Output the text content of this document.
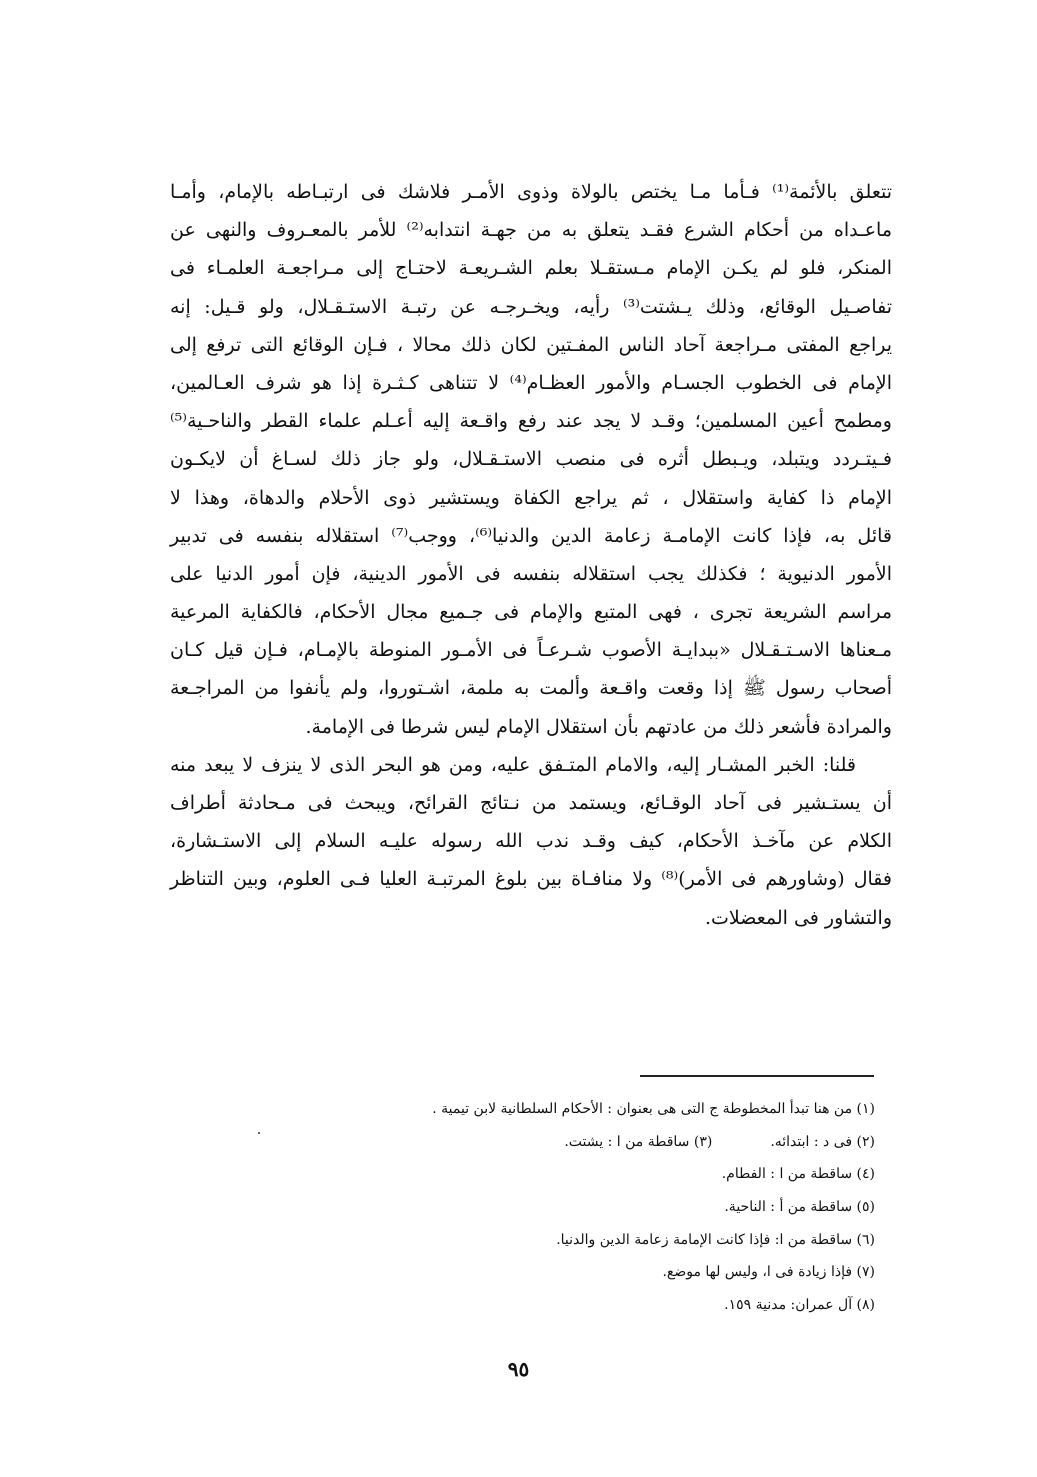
تتعلق بالأئمة⁽¹⁾ فـأما مـا يختص بالولاة وذوى الأمـر فلاشك فى ارتبـاطه بالإمام، وأمـا
ماعـداه من أحكام الشرع فقـد يتعلق به من جهـة انتدابه⁽²⁾ للأمر بالمعـروف والنهى عن
المنكر، فلو لم يكـن الإمام مـستقـلا بعلم الشـريعـة لاحتـاج إلى مـراجعـة العلمـاء فى
تفاصـيل الوقائع، وذلك يـشتت⁽³⁾ رأيه، ويخـرجـه عن رتبـة الاستـقـلال، ولو قـيل: إنه
يراجع المفتى مـراجعة آحاد الناس المفـتين لكان ذلك محالا ، فـإن الوقائع التى ترفع إلى
الإمام فى الخطوب الجسـام والأمور العظـام⁽⁴⁾ لا تتناهى كـثـرة إذا هو شرف العـالمين،
ومطمح أعين المسلمين؛ وقـد لا يجد عند رفع واقـعة إليه أعـلم علماء القطر والناحـية⁽⁵⁾
فـيتـردد ويتبلد، ويـبطل أثره فى منصب الاستـقـلال، ولو جاز ذلك لسـاغ أن لايكـون
الإمام ذا كفاية واستقلال ، ثم يراجع الكفاة ويستشير ذوى الأحلام والدهاة، وهذا لا
قائل به، فإذا كانت الإمامـة زعامة الدين والدنيا⁽⁶⁾، ووجب⁽⁷⁾ استقلاله بنفسه فى تدبير
الأمور الدنيوية ؛ فكذلك يجب استقلاله بنفسه فى الأمور الدينية، فإن أمور الدنيا على
مراسم الشريعة تجرى ، فهى المتبع والإمام فى جـميع مجال الأحكام، فالكفاية المرعية
مـعناها الاسـتـقـلال «ببدايـة الأصوب شـرعـاً فى الأمـور المنوطة بالإمـام، فـإن قيل كـان
أصحاب رسول ﷺ إذا وقعت واقـعة وألمت به ملمة، اشـتوروا، ولم يأنفوا من المراجـعة
والمرادة فأشعر ذلك من عادتهم بأن استقلال الإمام ليس شرطا فى الإمامة.
قلنا: الخبر المشـار إليه، والامام المتـفق عليه، ومن هو البحر الذى لا ينزف لا يبعد منه
أن يستـشير فى آحاد الوقـائع، ويستمد من نـتائج القرائح، ويبحث فى مـحادثة أطراف
الكلام عن مآخـذ الأحكام، كيف وقـد ندب الله رسوله عليـه السلام إلى الاستـشارة،
فقال (وشاورهم فى الأمر)⁽⁸⁾ ولا منافـاة بين بلوغ المرتبـة العليا فـى العلوم، وبين التناظر
والتشاور فى المعضلات.
(١) من هنا تبدأ المخطوطة ج التى هى بعنوان : الأحكام السلطانية لابن تيمية .
(٢) فى د : ابتدائه.
(٣) ساقطة من ا : يشتت.
(٤) ساقطة من ا : الفطام.
(٥) ساقطة من أ : الناحية.
(٦) ساقطة من ا: فإذا كانت الإمامة زعامة الدين والدنيا.
(٧) فإذا زيادة فى ا، وليس لها موضع.
(٨) آل عمران: مدنية ١٥٩.
٩٥
